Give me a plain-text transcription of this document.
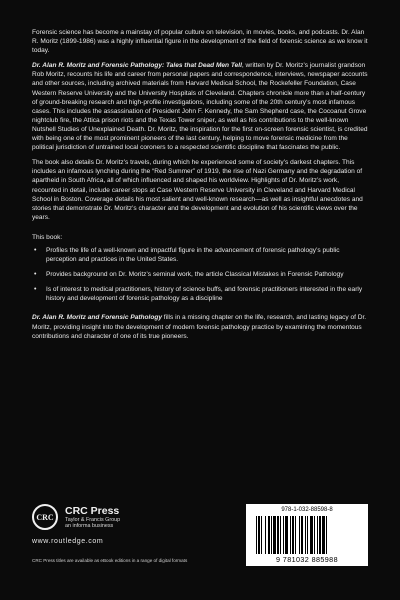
Forensic science has become a mainstay of popular culture on television, in movies, books, and podcasts. Dr. Alan R. Moritz (1899-1986) was a highly influential figure in the development of the field of forensic science as we know it today.

Dr. Alan R. Moritz and Forensic Pathology: Tales that Dead Men Tell, written by Dr. Moritz’s journalist grandson Rob Moritz, recounts his life and career from personal papers and correspondence, interviews, newspaper accounts and other sources, including archived materials from Harvard Medical School, the Rockefeller Foundation, Case Western Reserve University and the University Hospitals of Cleveland. Chapters chronicle more than a half-century of ground-breaking research and high-profile investigations, including some of the 20th century’s most infamous cases. This includes the assassination of President John F. Kennedy, the Sam Shepherd case, the Cocoanut Grove nightclub fire, the Attica prison riots and the Texas Tower sniper, as well as his contributions to the well-known Nutshell Studies of Unexplained Death. Dr. Moritz, the inspiration for the first on-screen forensic scientist, is credited with being one of the most prominent pioneers of the last century, helping to move forensic medicine from the political jurisdiction of untrained local coroners to a respected scientific discipline that fascinates the public.

The book also details Dr. Moritz’s travels, during which he experienced some of society’s darkest chapters. This includes an infamous lynching during the “Red Summer” of 1919, the rise of Nazi Germany and the degradation of apartheid in South Africa, all of which influenced and shaped his worldview. Highlights of Dr. Moritz’s work, recounted in detail, include career stops at Case Western Reserve University in Cleveland and Harvard Medical School in Boston. Coverage details his most salient and well-known research—as well as insightful anecdotes and stories that demonstrate Dr. Moritz’s character and the development and evolution of his scientific views over the years.

This book:

• Profiles the life of a well-known and impactful figure in the advancement of forensic pathology’s public perception and practices in the United States.
• Provides background on Dr. Moritz’s seminal work, the article Classical Mistakes in Forensic Pathology
• Is of interest to medical practitioners, history of science buffs, and forensic practitioners interested in the early history and development of forensic pathology as a discipline

Dr. Alan R. Moritz and Forensic Pathology fills in a missing chapter on the life, research, and lasting legacy of Dr. Moritz, providing insight into the development of modern forensic pathology practice by examining the momentous contributions and character of one of its true pioneers.

CRC	CRC Press
Taylor & Francis Group
an informa business
www.routledge.com
CRC Press titles are available as eBook editions in a range of digital formats
978-1-032-88598-8
9 781032 885988
